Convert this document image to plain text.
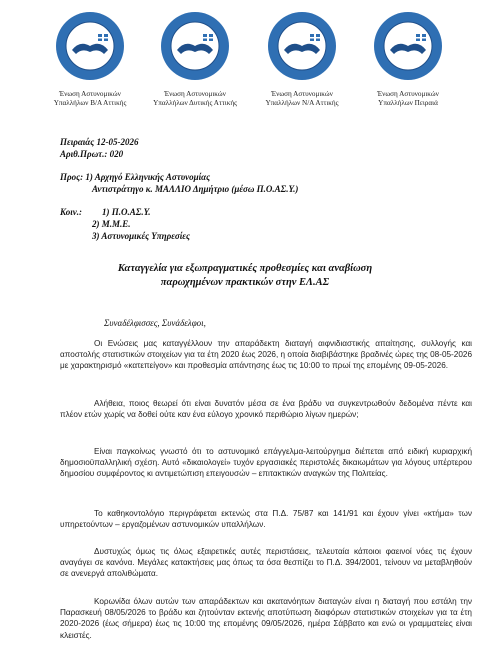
Ένωση Αστυνομικών
Υπαλλήλων Β/Α Αττικής
Ένωση Αστυνομικών
Υπαλλήλων Δυτικής Αττικής
Ένωση Αστυνομικών
Υπαλλήλων Ν/Α Αττικής
Ένωση Αστυνομικών
Υπαλλήλων Πειραιά
Πειραιάς 12-05-2026
Αριθ.Πρωτ.: 020
Προς: 1) Αρχηγό Ελληνικής Αστυνομίας
Αντιστράτηγο κ. ΜΑΛΛΙΟ Δημήτριο (μέσω Π.Ο.ΑΣ.Υ.)
Κοιν.: 1) Π.Ο.ΑΣ.Υ.
2) Μ.Μ.Ε.
3) Αστυνομικές Υπηρεσίες
Καταγγελία για εξωπραγματικές προθεσμίες και αναβίωση
παρωχημένων πρακτικών στην ΕΛ.ΑΣ
Συναδέλφισσες, Συνάδελφοι,

Οι Ενώσεις μας καταγγέλλουν την απαράδεκτη διαταγή αιφνιδιαστικής απαίτησης, συλλογής και αποστολής στατιστικών στοιχείων για τα έτη 2020 έως 2026, η οποία διαβιβάστηκε βραδινές ώρες της 08-05-2026 με χαρακτηρισμό «κατεπείγον» και προθεσμία απάντησης έως τις 10:00 το πρωί της επομένης 09-05-2026.

Αλήθεια, ποιος θεωρεί ότι είναι δυνατόν μέσα σε ένα βράδυ να συγκεντρωθούν δεδομένα πέντε και πλέον ετών χωρίς να δοθεί ούτε καν ένα εύλογο χρονικό περιθώριο λίγων ημερών;

Είναι παγκοίνως γνωστό ότι το αστυνομικό επάγγελμα-λειτούργημα διέπεται από ειδική κυριαρχική δημοσιοϋπαλληλική σχέση. Αυτό «δικαιολογεί» τυχόν εργασιακές περιστολές δικαιωμάτων για λόγους υπέρτερου δημοσίου συμφέροντος κι αντιμετώπιση επειγουσών – επιτακτικών αναγκών της Πολιτείας.

Το καθηκοντολόγιο περιγράφεται εκτενώς στα Π.Δ. 75/87 και 141/91 και έχουν γίνει «κτήμα» των υπηρετούντων – εργαζομένων αστυνομικών υπαλλήλων.

Δυστυχώς όμως τις όλως εξαιρετικές αυτές περιστάσεις, τελευταία κάποιοι φαεινοί νόες τις έχουν αναγάγει σε κανόνα. Μεγάλες κατακτήσεις μας όπως τα όσα θεσπίζει το Π.Δ. 394/2001, τείνουν να μεταβληθούν σε ανενεργά απολιθώματα.

Κορωνίδα όλων αυτών των απαράδεκτων και ακατανόητων διαταγών είναι η διαταγή που εστάλη την Παρασκευή 08/05/2026 το βράδυ και ζητούνταν εκτενής αποτύπωση διαφόρων στατιστικών στοιχείων για τα έτη 2020-2026 (έως σήμερα) έως τις 10:00 της επομένης 09/05/2026, ημέρα Σάββατο και ενώ οι γραμματείες είναι κλειστές.
